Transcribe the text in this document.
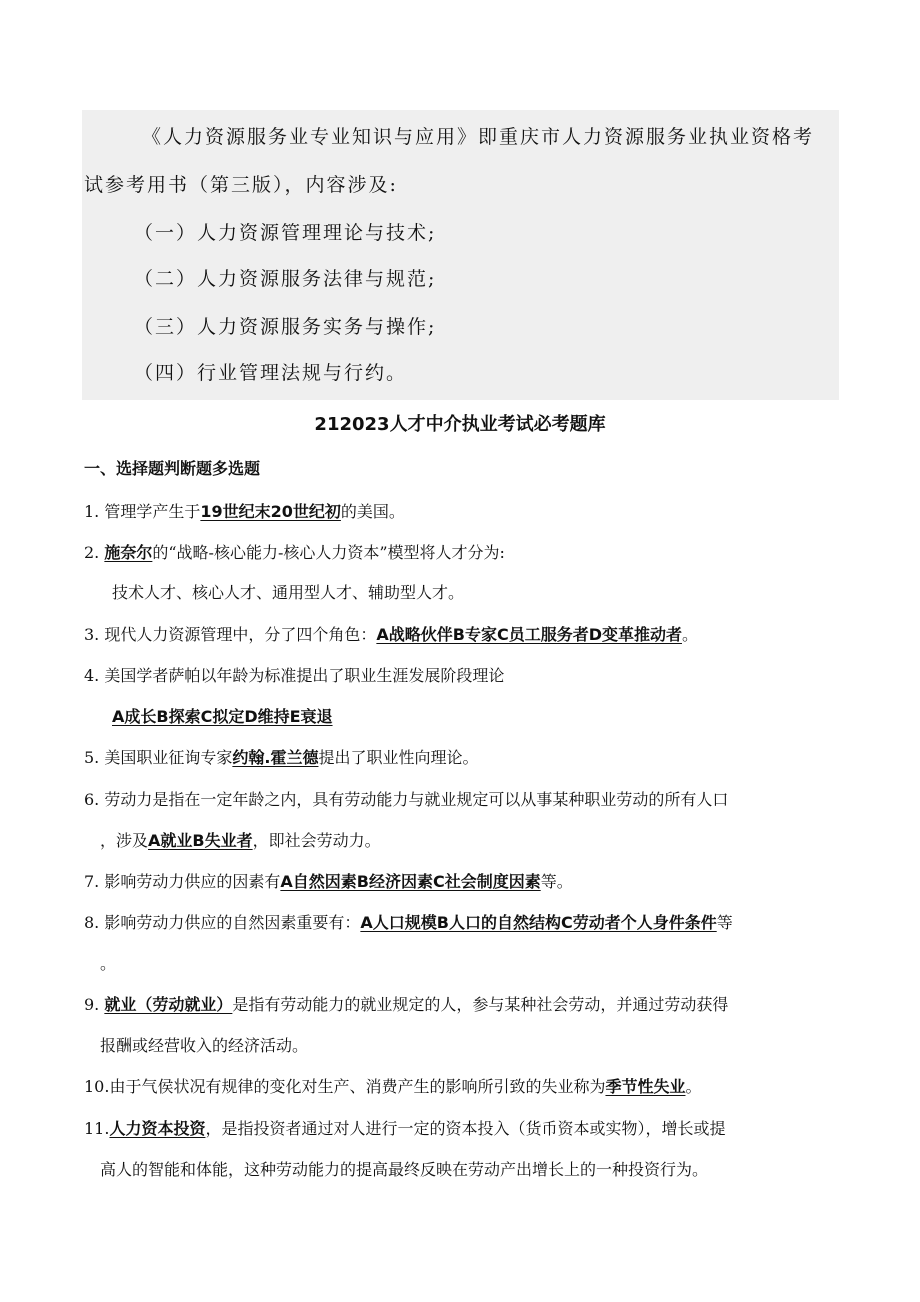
《人力资源服务业专业知识与应用》即重庆市人力资源服务业执业资格考
试参考用书（第三版），内容涉及:
（一）人力资源管理理论与技术;
（二）人力资源服务法律与规范;
（三）人力资源服务实务与操作;
（四）行业管理法规与行约。
212023人才中介执业考试必考题库
一、选择题判断题多选题
1. 管理学产生于19世纪末20世纪初的美国。
2. 施奈尔的“战略-核心能力-核心人力资本”模型将人才分为:
技术人才、核心人才、通用型人才、辅助型人才。
3. 现代人力资源管理中，分了四个角色：A战略伙伴B专家C员工服务者D变革推动者。
4. 美国学者萨帕以年龄为标准提出了职业生涯发展阶段理论
A成长B探索C拟定D维持E衰退
5. 美国职业征询专家约翰.霍兰德提出了职业性向理论。
6. 劳动力是指在一定年龄之内，具有劳动能力与就业规定可以从事某种职业劳动的所有人口
，涉及A就业B失业者，即社会劳动力。
7. 影响劳动力供应的因素有A自然因素B经济因素C社会制度因素等。
8. 影响劳动力供应的自然因素重要有：A人口规模B人口的自然结构C劳动者个人身件条件等
。
9. 就业（劳动就业）是指有劳动能力的就业规定的人，参与某种社会劳动，并通过劳动获得
报酬或经营收入的经济活动。
10.由于气侯状况有规律的变化对生产、消费产生的影响所引致的失业称为季节性失业。
11.人力资本投资，是指投资者通过对人进行一定的资本投入（货币资本或实物），增长或提
高人的智能和体能，这种劳动能力的提高最终反映在劳动产出增长上的一种投资行为。
